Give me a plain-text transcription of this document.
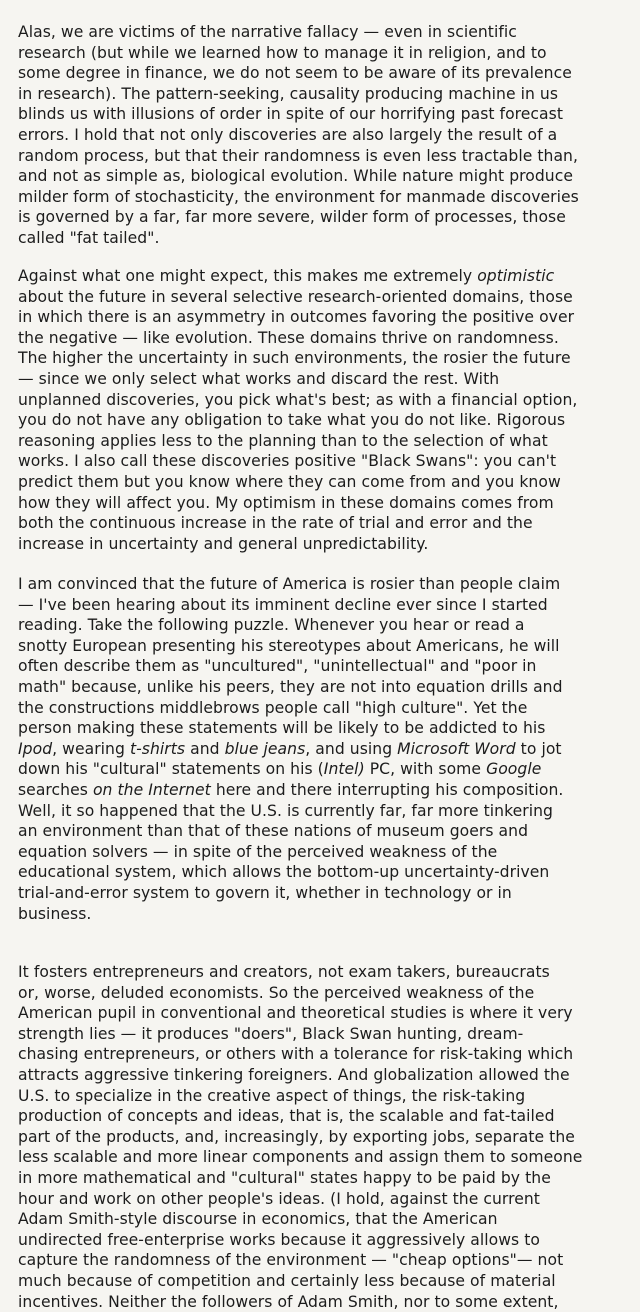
Alas, we are victims of the narrative fallacy — even in scientific
research (but while we learned how to manage it in religion, and to
some degree in finance, we do not seem to be aware of its prevalence
in research). The pattern-seeking, causality producing machine in us
blinds us with illusions of order in spite of our horrifying past forecast
errors. I hold that not only discoveries are also largely the result of a
random process, but that their randomness is even less tractable than,
and not as simple as, biological evolution. While nature might produce
milder form of stochasticity, the environment for manmade discoveries
is governed by a far, far more severe, wilder form of processes, those
called "fat tailed".
Against what one might expect, this makes me extremely optimistic
about the future in several selective research-oriented domains, those
in which there is an asymmetry in outcomes favoring the positive over
the negative — like evolution. These domains thrive on randomness.
The higher the uncertainty in such environments, the rosier the future
— since we only select what works and discard the rest. With
unplanned discoveries, you pick what's best; as with a financial option,
you do not have any obligation to take what you do not like. Rigorous
reasoning applies less to the planning than to the selection of what
works. I also call these discoveries positive "Black Swans": you can't
predict them but you know where they can come from and you know
how they will affect you. My optimism in these domains comes from
both the continuous increase in the rate of trial and error and the
increase in uncertainty and general unpredictability.
I am convinced that the future of America is rosier than people claim
— I've been hearing about its imminent decline ever since I started
reading. Take the following puzzle. Whenever you hear or read a
snotty European presenting his stereotypes about Americans, he will
often describe them as "uncultured", "unintellectual" and "poor in
math" because, unlike his peers, they are not into equation drills and
the constructions middlebrows people call "high culture". Yet the
person making these statements will be likely to be addicted to his
Ipod, wearing t-shirts and blue jeans, and using Microsoft Word to jot
down his "cultural" statements on his (Intel) PC, with some Google
searches on the Internet here and there interrupting his composition.
Well, it so happened that the U.S. is currently far, far more tinkering
an environment than that of these nations of museum goers and
equation solvers — in spite of the perceived weakness of the
educational system, which allows the bottom-up uncertainty-driven
trial-and-error system to govern it, whether in technology or in
business.
It fosters entrepreneurs and creators, not exam takers, bureaucrats
or, worse, deluded economists. So the perceived weakness of the
American pupil in conventional and theoretical studies is where it very
strength lies — it produces "doers", Black Swan hunting, dream-
chasing entrepreneurs, or others with a tolerance for risk-taking which
attracts aggressive tinkering foreigners. And globalization allowed the
U.S. to specialize in the creative aspect of things, the risk-taking
production of concepts and ideas, that is, the scalable and fat-tailed
part of the products, and, increasingly, by exporting jobs, separate the
less scalable and more linear components and assign them to someone
in more mathematical and "cultural" states happy to be paid by the
hour and work on other people's ideas. (I hold, against the current
Adam Smith-style discourse in economics, that the American
undirected free-enterprise works because it aggressively allows to
capture the randomness of the environment — "cheap options"— not
much because of competition and certainly less because of material
incentives. Neither the followers of Adam Smith, nor to some extent,
